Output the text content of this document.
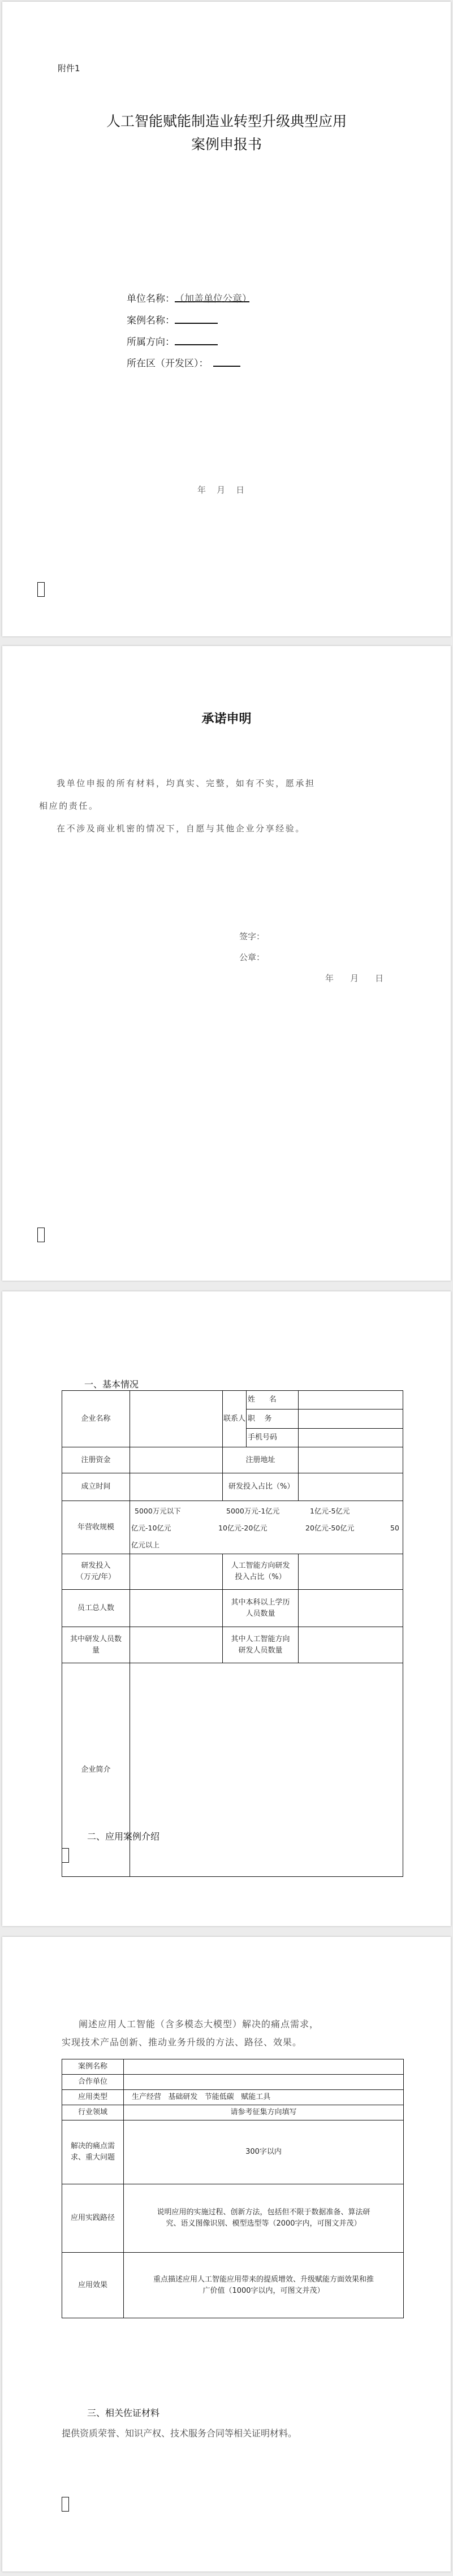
附件1
人工智能赋能制造业转型升级典型应用
案例申报书
单位名称：（加盖单位公章）
案例名称：
所属方向：
所在区（开发区）：
年    月    日
承诺申明
我单位申报的所有材料，均真实、完整，如有不实，愿承担
相应的责任。
在不涉及商业机密的情况下，自愿与其他企业分享经验。
签字：
公章：
年    月    日
一、基本情况
企业名称		联系人	姓      名	
			职    务	
			手机号码	
注册资金		注册地址		
成立时间		研发投入占比（%）		
年营收规模	
5000万元以下	5000万元-1亿元	1亿元-5亿元
亿元-10亿元	10亿元-20亿元	20亿元-50亿元	50
亿元以上

研发投入
（万元/年）		人工智能方向研发
投入占比（%）		
员工总人数		其中本科以上学历
人员数量		
其中研发人员数
量		其中人工智能方向
研发人员数量		
企业简介				
二、应用案例介绍
阐述应用人工智能（含多模态大模型）解决的痛点需求，
实现技术产品创新、推动业务升级的方法、路径、效果。
案例名称	
合作单位	
应用类型	生产经营   基础研发   节能低碳   赋能工具
行业领域	请参考征集方向填写
解决的痛点需
求、重大问题	300字以内
应用实践路径	说明应用的实施过程、创新方法，包括但不限于数据准备、算法研
究、语义图像识别、模型选型等（2000字内，可图文并茂）
应用效果	重点描述应用人工智能应用带来的提质增效、升级赋能方面效果和推
广价值（1000字以内，可图文并茂）
三、相关佐证材料
提供资质荣誉、知识产权、技术服务合同等相关证明材料。
